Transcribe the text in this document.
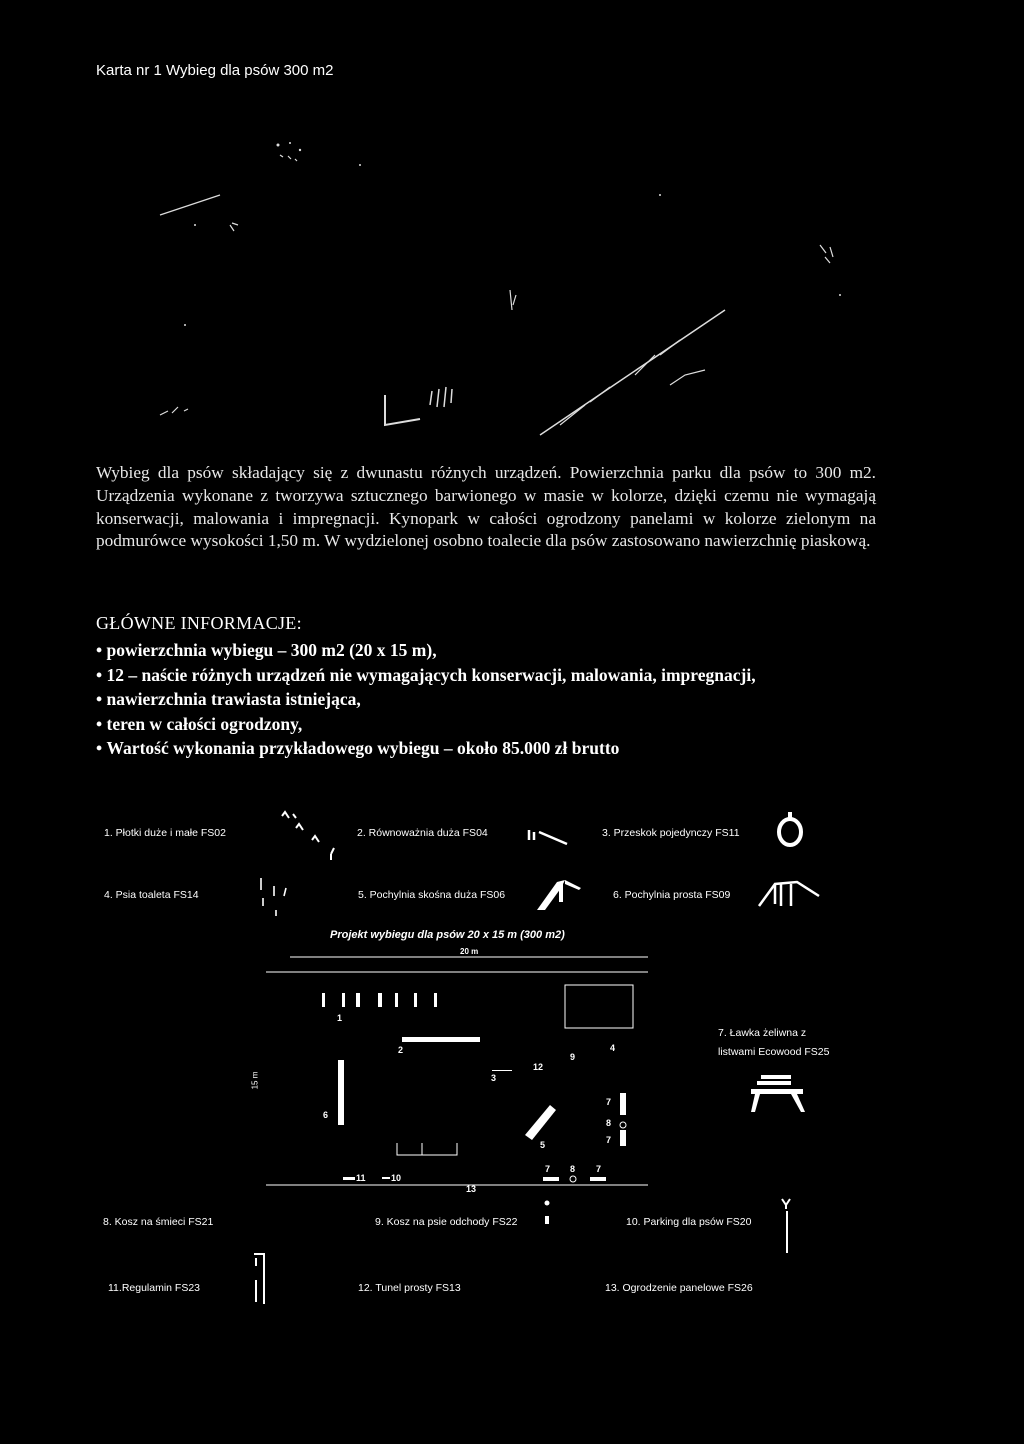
Karta nr 1 Wybieg dla psów 300 m2
Wybieg dla psów składający się z dwunastu różnych urządzeń. Powierzchnia parku dla psów to 300 m2. Urządzenia wykonane z tworzywa sztucznego barwionego w masie w kolorze, dzięki czemu nie wymagają konserwacji, malowania i impregnacji. Kynopark w całości ogrodzony panelami w kolorze zielonym na podmurówce wysokości 1,50 m. W wydzielonej osobno toalecie dla psów zastosowano nawierzchnię piaskową.
GŁÓWNE INFORMACJE:
• powierzchnia wybiegu – 300 m2 (20 x 15 m),
• 12 – naście różnych urządzeń nie wymagających konserwacji, malowania, impregnacji,
• nawierzchnia trawiasta istniejąca,
• teren w całości ogrodzony,
• Wartość wykonania przykładowego wybiegu – około 85.000 zł brutto
1. Płotki duże i małe FS02	2. Równoważnia duża FS04	3. Przeskok pojedynczy FS11
4. Psia toaleta FS14	5. Pochylnia skośna duża FS06	6. Pochylnia prosta FS09
Projekt wybiegu dla psów 20 x 15 m (300 m2)
20 m
15 m
1
2
3
4
5
6
7
8
7
7 8 7
9
10
11
12
13
7. Ławka żeliwna z
listwami Ecowood FS25
8. Kosz na śmieci FS21	9. Kosz na psie odchody FS22	10. Parking dla psów FS20
11.Regulamin FS23	12. Tunel prosty FS13	13. Ogrodzenie panelowe FS26
